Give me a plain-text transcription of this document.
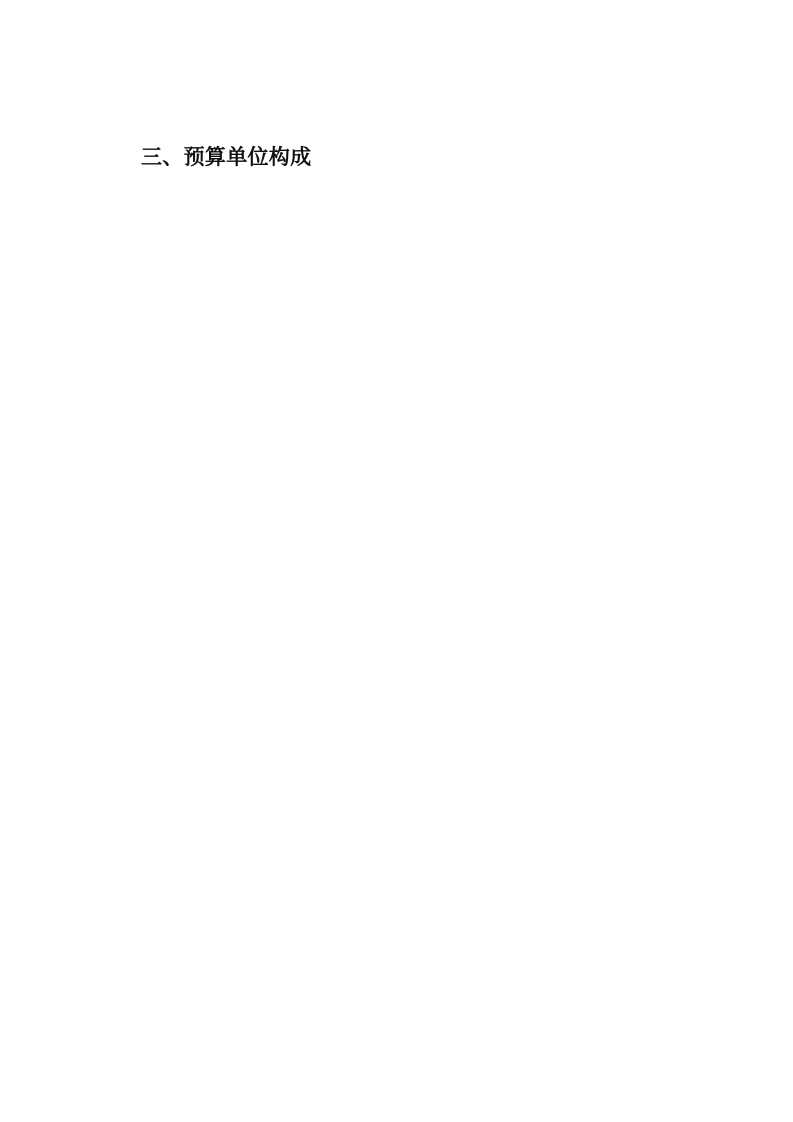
三、预算单位构成
